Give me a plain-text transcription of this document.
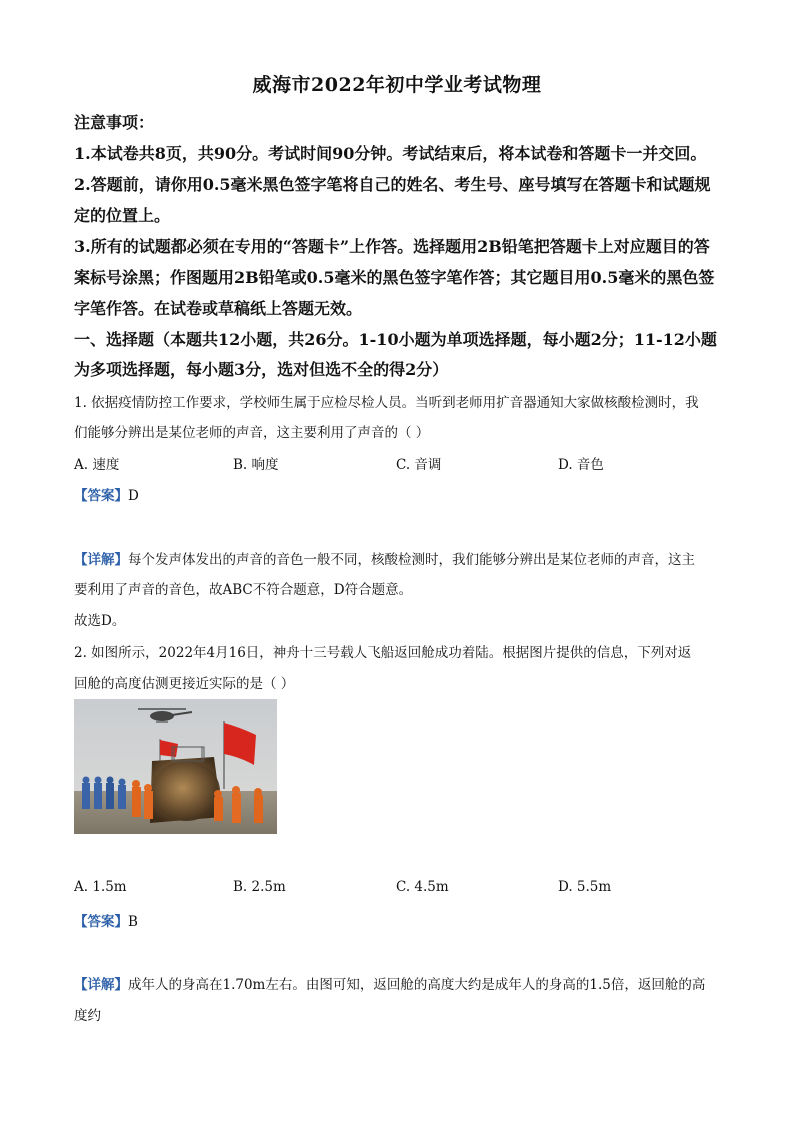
威海市2022年初中学业考试物理
注意事项：
1.本试卷共8页，共90分。考试时间90分钟。考试结束后，将本试卷和答题卡一并交回。
2.答题前，请你用0.5毫米黑色签字笔将自己的姓名、考生号、座号填写在答题卡和试题规
定的位置上。
3.所有的试题都必须在专用的“答题卡”上作答。选择题用2B铅笔把答题卡上对应题目的答
案标号涂黑；作图题用2B铅笔或0.5毫米的黑色签字笔作答；其它题目用0.5毫米的黑色签
字笔作答。在试卷或草稿纸上答题无效。
一、选择题（本题共12小题，共26分。1-10小题为单项选择题，每小题2分；11-12小题
为多项选择题，每小题3分，选对但选不全的得2分）
1. 依据疫情防控工作要求，学校师生属于应检尽检人员。当听到老师用扩音器通知大家做核酸检测时，我
们能够分辨出是某位老师的声音，这主要利用了声音的（ ）
A. 速度	B. 响度	C. 音调	D. 音色
【答案】D
【详解】每个发声体发出的声音的音色一般不同，核酸检测时，我们能够分辨出是某位老师的声音，这主
要利用了声音的音色，故ABC不符合题意，D符合题意。
故选D。
2. 如图所示，2022年4月16日，神舟十三号载人飞船返回舱成功着陆。根据图片提供的信息，下列对返
回舱的高度估测更接近实际的是（ ）
A. 1.5m	B. 2.5m	C. 4.5m	D. 5.5m
【答案】B
【详解】成年人的身高在1.70m左右。由图可知，返回舱的高度大约是成年人的身高的1.5倍，返回舱的高
度约
